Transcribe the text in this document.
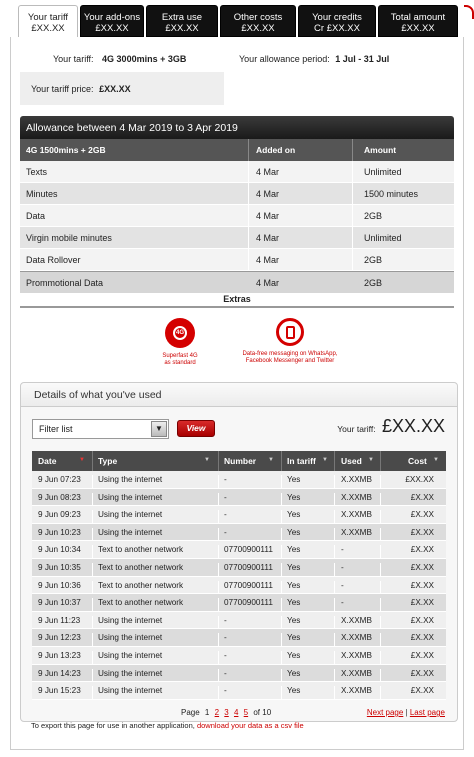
Your tariff
£XX.XX
Your add-ons
£XX.XX
Extra use
£XX.XX
Other costs
£XX.XX
Your credits
Cr £XX.XX
Total amount
£XX.XX
Your tariff: 4G 3000mins + 3GB	Your allowance period: 1 Jul - 31 Jul
Your tariff price: £XX.XX
Allowance between 4 Mar 2019 to 3 Apr 2019
4G 1500mins + 2GB	Added on	Amount
Texts	4 Mar	Unlimited
Minutes	4 Mar	1500 minutes
Data	4 Mar	2GB
Virgin mobile minutes	4 Mar	Unlimited
Data Rollover	4 Mar	2GB
Prommotional Data	4 Mar	2GB
Extras
4G
Superfast 4G
as standard
Data-free messaging on WhatsApp,
Facebook Messenger and Twitter
Details of what you've used
Filter list	▼	View	Your tariff: £XX.XX
Date	▼ Type	▼ Number ▼ In tariff ▼ Used ▼	Cost ▼
9 Jun 07:23 Using the internet	-	Yes	X.XXMB	£XX.XX
9 Jun 08:23 Using the internet	-	Yes	X.XXMB	£X.XX
9 Jun 09:23 Using the internet	-	Yes	X.XXMB	£X.XX
9 Jun 10:23 Using the internet	-	Yes	X.XXMB	£X.XX
9 Jun 10:34 Text to another network	07700900111 Yes	-	£X.XX
9 Jun 10:35 Text to another network	07700900111 Yes	-	£X.XX
9 Jun 10:36 Text to another network	07700900111 Yes	-	£X.XX
9 Jun 10:37 Text to another network	07700900111 Yes	-	£X.XX
9 Jun 11:23 Using the internet	-	Yes	X.XXMB	£X.XX
9 Jun 12:23 Using the internet	-	Yes	X.XXMB	£X.XX
9 Jun 13:23 Using the internet	-	Yes	X.XXMB	£X.XX
9 Jun 14:23 Using the internet	-	Yes	X.XXMB	£X.XX
9 Jun 15:23 Using the internet	-	Yes	X.XXMB	£X.XX
Page 1 2 3 4 5 of 10	Next page | Last page
To export this page for use in another application, download your data as a csv file
